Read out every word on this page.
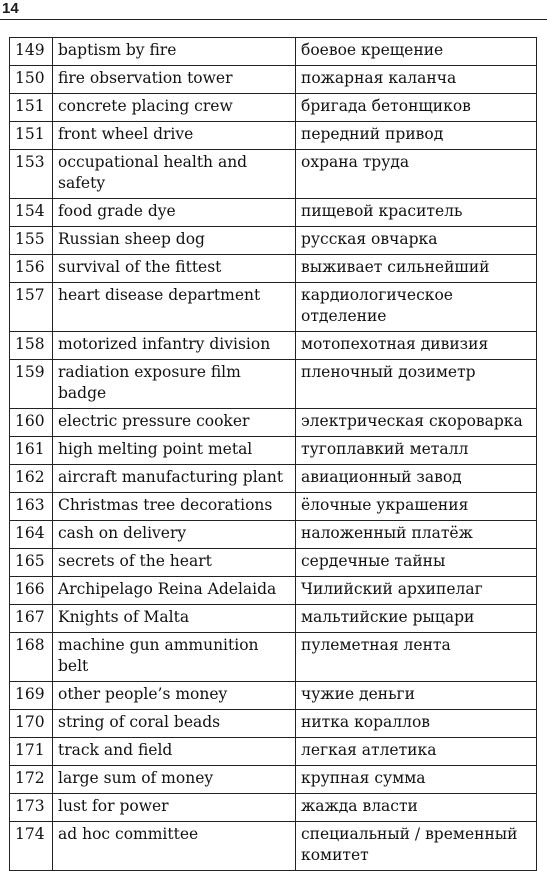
14
149	baptism by fire	боевое крещение
150	fire observation tower	пожарная каланча
151	concrete placing crew	бригада бетонщиков
151	front wheel drive	передний привод
153	occupational health and safety	охрана труда
154	food grade dye	пищевой краситель
155	Russian sheep dog	русская овчарка
156	survival of the fittest	выживает сильнейший
157	heart disease department	кардиологическое отделение
158	motorized infantry division	мотопехотная дивизия
159	radiation exposure film badge	пленочный дозиметр
160	electric pressure cooker	электрическая скороварка
161	high melting point metal	тугоплавкий металл
162	aircraft manufacturing plant	авиационный завод
163	Christmas tree decorations	ёлочные украшения
164	cash on delivery	наложенный платёж
165	secrets of the heart	сердечные тайны
166	Archipelago Reina Adelaida	Чилийский архипелаг
167	Knights of Malta	мальтийские рыцари
168	machine gun ammunition belt	пулеметная лента
169	other people’s money	чужие деньги
170	string of coral beads	нитка кораллов
171	track and field	легкая атлетика
172	large sum of money	крупная сумма
173	lust for power	жажда власти
174	ad hoc committee	специальный / временный комитет
